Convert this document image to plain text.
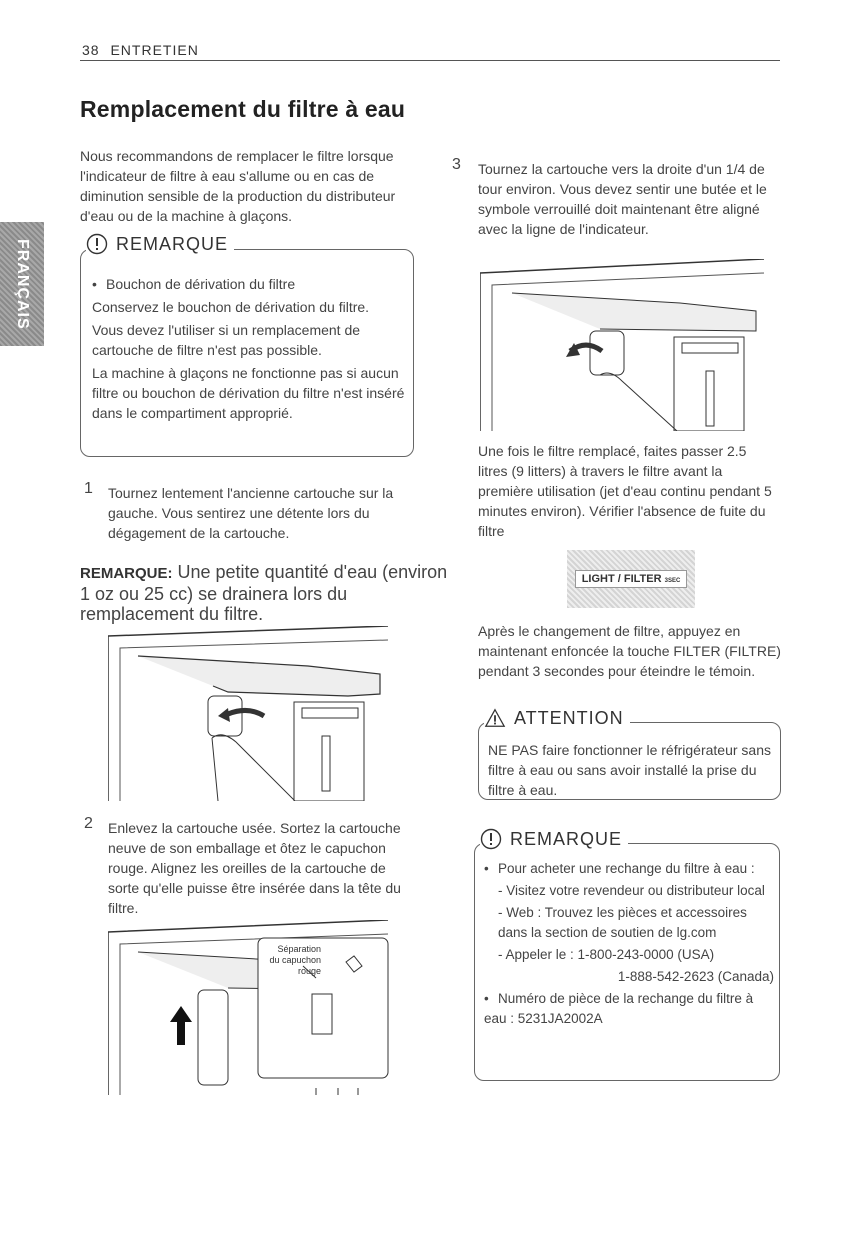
38 ENTRETIEN
Remplacement du filtre à eau
FRANÇAIS
Nous recommandons de remplacer le filtre lorsque l'indicateur de filtre à eau s'allume ou en cas de diminution sensible de la production du distributeur d'eau ou de la machine à glaçons.
REMARQUE

• Bouchon de dérivation du filtre

Conservez le bouchon de dérivation du filtre.

Vous devez l'utiliser si un remplacement de cartouche de filtre n'est pas possible.

La machine à glaçons ne fonctionne pas si aucun filtre ou bouchon de dérivation du filtre n'est inséré dans le compartiment approprié.

1 Tournez lentement l'ancienne cartouche sur la gauche. Vous sentirez une détente lors du dégagement de la cartouche.
REMARQUE: Une petite quantité d'eau (environ 1 oz ou 25 cc) se drainera lors du remplacement du filtre.
2 Enlevez la cartouche usée. Sortez la cartouche neuve de son emballage et ôtez le capuchon rouge. Alignez les oreilles de la cartouche de sorte qu'elle puisse être insérée dans la tête du filtre.
Séparation
du capuchon
rouge
3 Tournez la cartouche vers la droite d'un 1/4 de tour environ. Vous devez sentir une butée et le symbole verrouillé doit maintenant être aligné avec la ligne de l'indicateur.
Une fois le filtre remplacé, faites passer 2.5 litres (9 litters) à travers le filtre avant la première utilisation (jet d'eau continu pendant 5 minutes environ). Vérifier l'absence de fuite du filtre
LIGHT / FILTER 3SEC
Après le changement de filtre, appuyez en maintenant enfoncée la touche FILTER (FILTRE) pendant 3 secondes pour éteindre le témoin.
ATTENTION
NE PAS faire fonctionner le réfrigérateur sans filtre à eau ou sans avoir installé la prise du filtre à eau.
REMARQUE

• Pour acheter une rechange du filtre à eau :

- Visitez votre revendeur ou distributeur local
- Web : Trouvez les pièces et accessoires dans la section de soutien de lg.com
- Appeler le : 1-800-243-0000 (USA)
1-888-542-2623 (Canada)

• Numéro de pièce de la rechange du filtre à eau : 5231JA2002A
